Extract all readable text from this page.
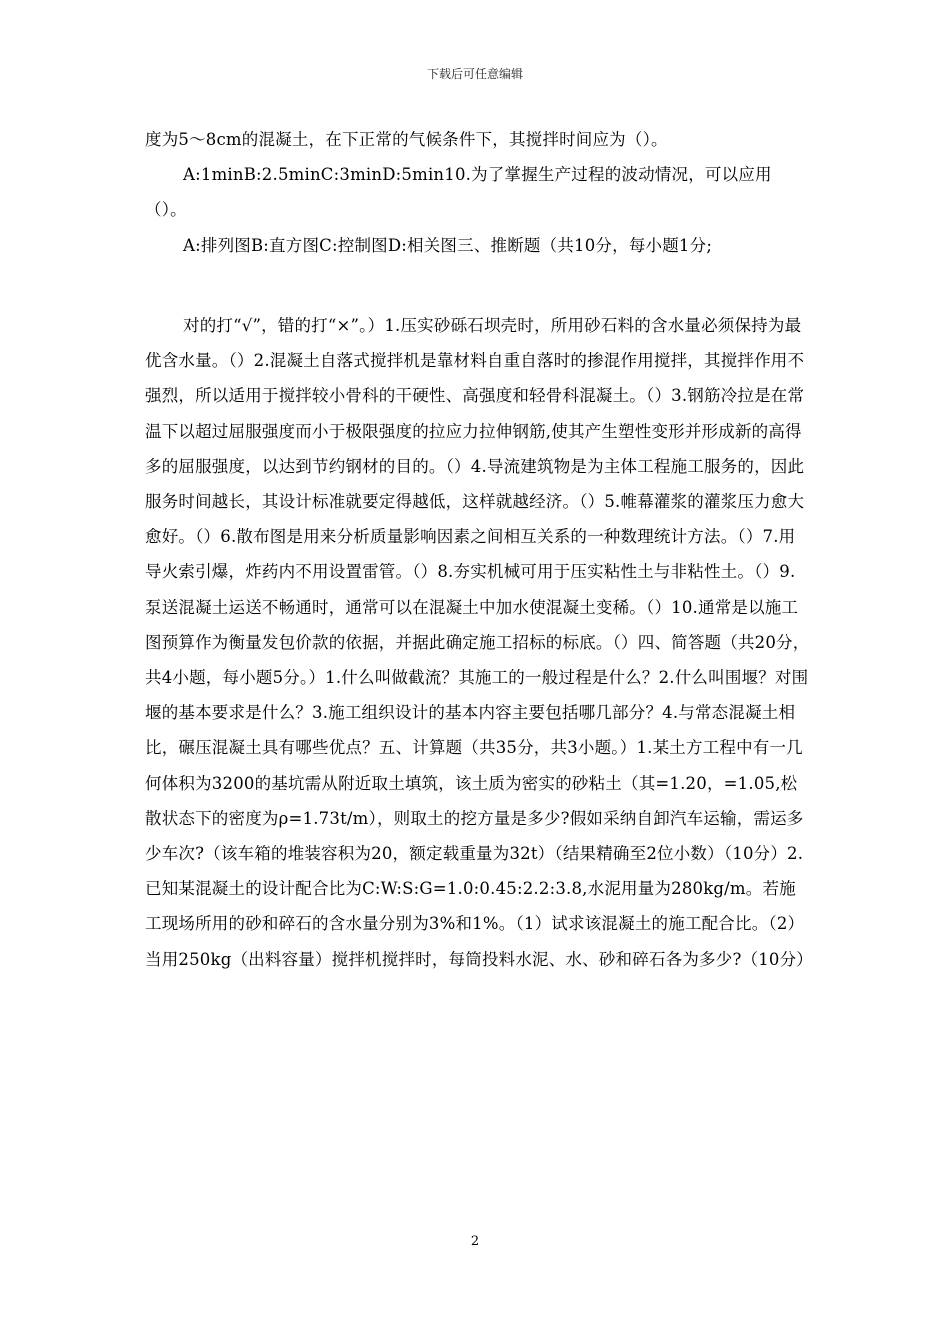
下载后可任意编辑

度为5～8cm的混凝土，在下正常的气候条件下，其搅拌时间应为（）。

A:1minB:2.5minC:3minD:5min10.为了掌握生产过程的波动情况，可以应用（）。

A:排列图B:直方图C:控制图D:相关图三、推断题（共10分，每小题1分;

对的打“√”，错的打“×”。）1.压实砂砾石坝壳时，所用砂石料的含水量必须保持为最优含水量。（）2.混凝土自落式搅拌机是靠材料自重自落时的掺混作用搅拌，其搅拌作用不强烈，所以适用于搅拌较小骨科的干硬性、高强度和轻骨科混凝土。（）3.钢筋冷拉是在常温下以超过屈服强度而小于极限强度的拉应力拉伸钢筋,使其产生塑性变形并形成新的高得多的屈服强度，以达到节约钢材的目的。（）4.导流建筑物是为主体工程施工服务的，因此服务时间越长，其设计标准就要定得越低，这样就越经济。（）5.帷幕灌浆的灌浆压力愈大愈好。（）6.散布图是用来分析质量影响因素之间相互关系的一种数理统计方法。（）7.用导火索引爆，炸药内不用设置雷管。（）8.夯实机械可用于压实粘性土与非粘性土。（）9.泵送混凝土运送不畅通时，通常可以在混凝土中加水使混凝土变稀。（）10.通常是以施工图预算作为衡量发包价款的依据，并据此确定施工招标的标底。（）四、简答题（共20分，共4小题，每小题5分。）1.什么叫做截流？其施工的一般过程是什么？2.什么叫围堰？对围堰的基本要求是什么？3.施工组织设计的基本内容主要包括哪几部分？4.与常态混凝土相比，碾压混凝土具有哪些优点？五、计算题（共35分，共3小题。）1.某土方工程中有一几何体积为3200的基坑需从附近取土填筑，该土质为密实的砂粘土（其=1.20，=1.05,松散状态下的密度为ρ=1.73t/m），则取土的挖方量是多少?假如采纳自卸汽车运输，需运多少车次?（该车箱的堆装容积为20，额定载重量为32t）（结果精确至2位小数）（10分）2.已知某混凝土的设计配合比为C:W:S:G=1.0:0.45:2.2:3.8,水泥用量为280kg/m。若施工现场所用的砂和碎石的含水量分别为3%和1%。（1）试求该混凝土的施工配合比。（2）当用250kg（出料容量）搅拌机搅拌时，每筒投料水泥、水、砂和碎石各为多少?（10分）

2
